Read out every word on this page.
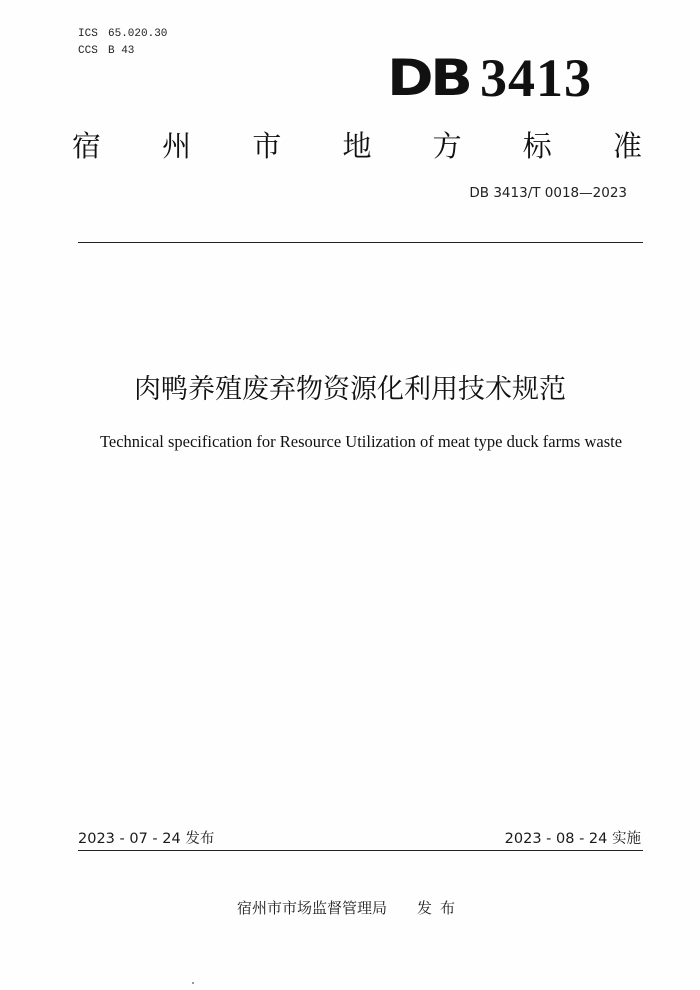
ICS 65.020.30
CCS B 43	DB 3413
宿 州 市 地 方 标 准
DB 3413/T 0018—2023
肉鸭养殖废弃物资源化利用技术规范
Technical specification for Resource Utilization of meat type duck farms waste
2023 - 07 - 24 发布	2023 - 08 - 24 实施
宿州市市场监督管理局 发布
